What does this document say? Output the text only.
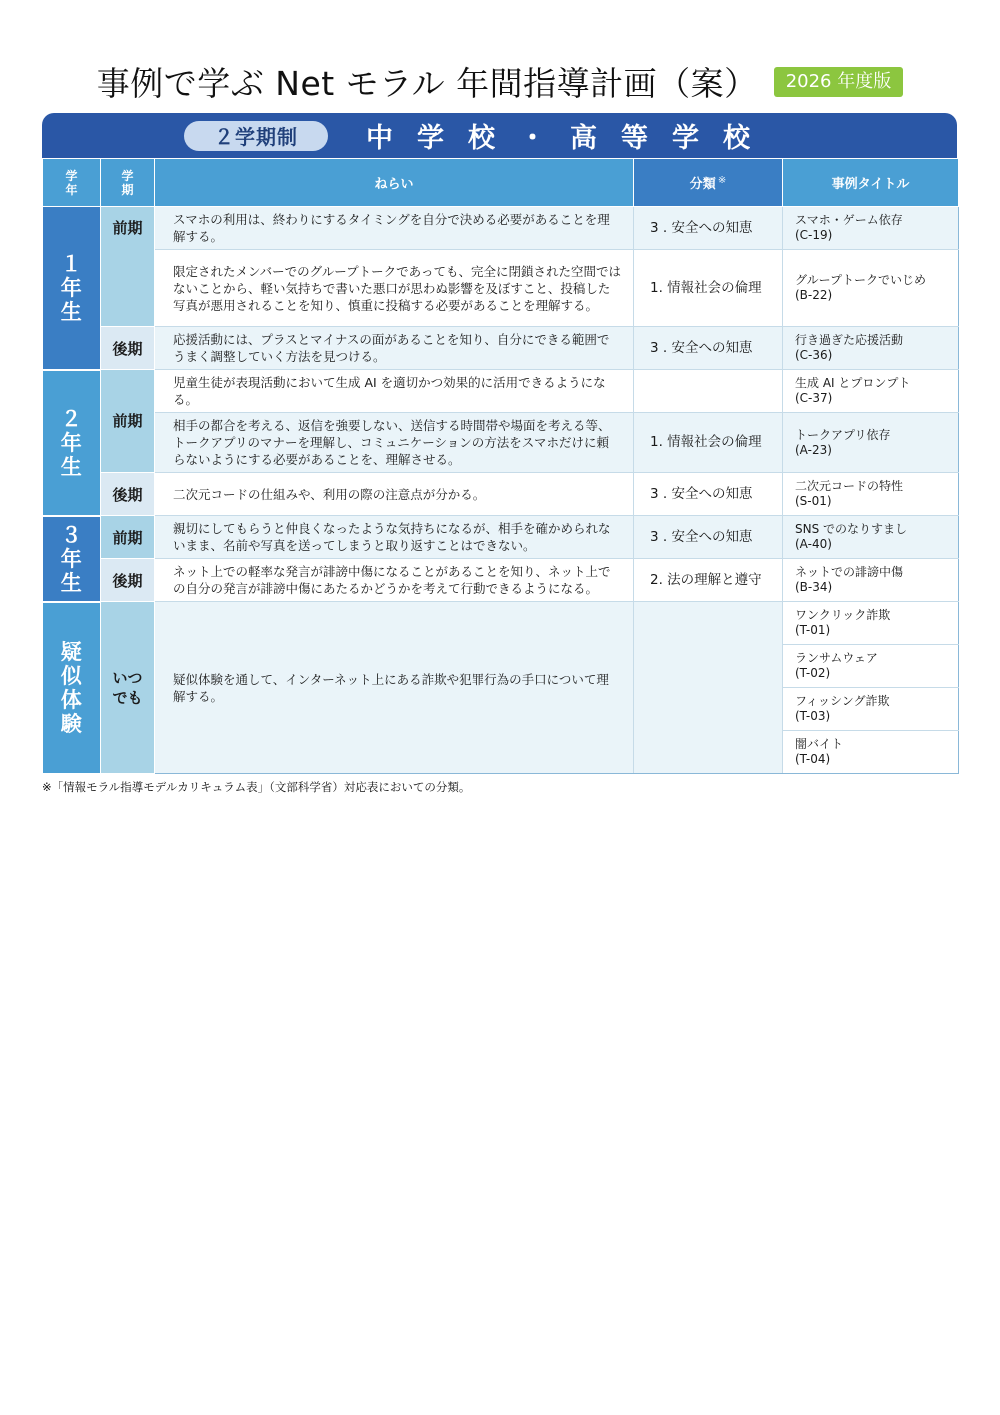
事例で学ぶ Net モラル 年間指導計画（案）	2026 年度版
２学期制	中学校・高等学校
学年	学期	ねらい	分類 ※	事例タイトル
１年生	前期	スマホの利用は、終わりにするタイミングを自分で決める必要があることを理解する。	3 . 安全への知恵	スマホ・ゲーム依存
(C-19)

		限定されたメンバーでのグループトークであっても、完全に閉鎖された空間ではないことから、軽い気持ちで書いた悪口が思わぬ影響を及ぼすこと、投稿した写真が悪用されることを知り、慎重に投稿する必要があることを理解する。	1. 情報社会の倫理	グループトークでいじめ
(B-22)

	後期	応援活動には、プラスとマイナスの面があることを知り、自分にできる範囲でうまく調整していく方法を見つける。	3 . 安全への知恵	行き過ぎた応援活動
(C-36)

２年生	前期	児童生徒が表現活動において生成 AI を適切かつ効果的に活用できるようになる。		生成 AI とプロンプト
(C-37)

		相手の都合を考える、返信を強要しない、送信する時間帯や場面を考える等、トークアプリのマナーを理解し、コミュニケーションの方法をスマホだけに頼らないようにする必要があることを、理解させる。	1. 情報社会の倫理	トークアプリ依存
(A-23)

	後期	二次元コードの仕組みや、利用の際の注意点が分かる。	3 . 安全への知恵	二次元コードの特性
(S-01)

３年生	前期	親切にしてもらうと仲良くなったような気持ちになるが、相手を確かめられないまま、名前や写真を送ってしまうと取り返すことはできない。	3 . 安全への知恵	SNS でのなりすまし
(A-40)

	後期	ネット上での軽率な発言が誹謗中傷になることがあることを知り、ネット上での自分の発言が誹謗中傷にあたるかどうかを考えて行動できるようになる。	2. 法の理解と遵守	ネットでの誹謗中傷
(B-34)

疑似体験	いつでも	疑似体験を通して、インターネット上にある詐欺や犯罪行為の手口について理解する。		ワンクリック詐欺
(T-01)

				ランサムウェア
(T-02)

				フィッシング詐欺
(T-03)

				闇バイト
(T-04)
※「情報モラル指導モデルカリキュラム表」（文部科学省）対応表においての分類。
